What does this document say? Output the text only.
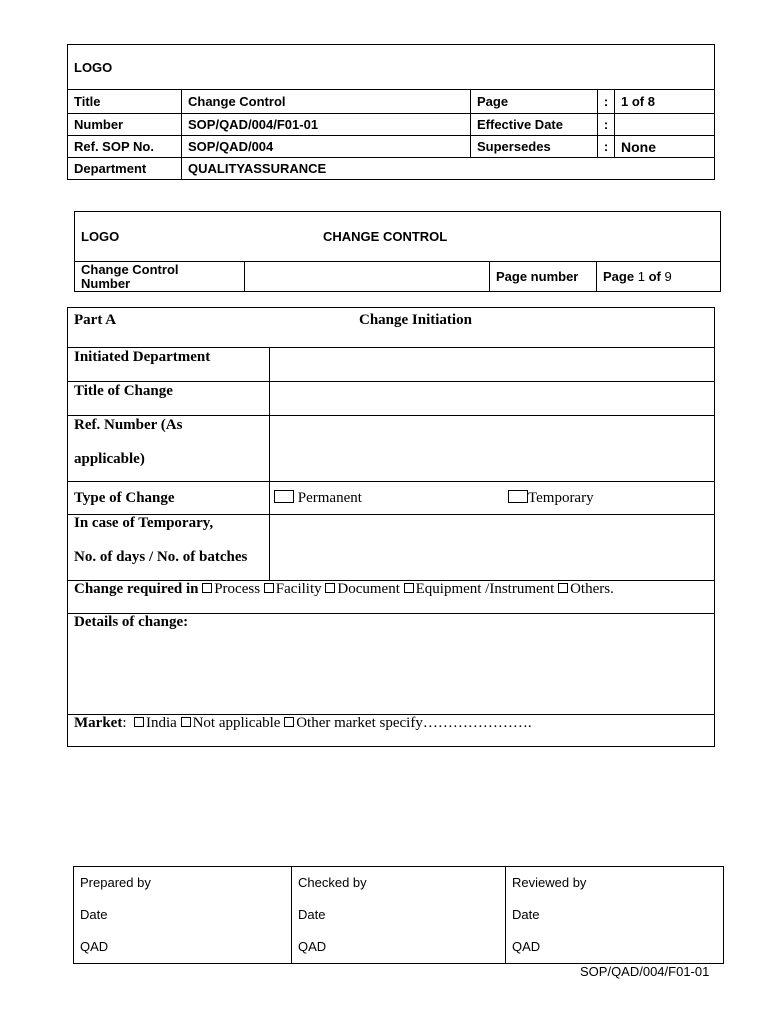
LOGO				
Title	Change Control	Page	:	1 of 8
Number	SOP/QAD/004/F01-01	Effective Date	:	
Ref. SOP No.	SOP/QAD/004	Supersedes	:	None
Department	QUALITYASSURANCE			
LOGO	CHANGE CONTROL

Change Control
Number		Page number	Page 1 of 9
Part A Change Initiation	

Initiated Department	
Title of Change	

Ref. Number (As
applicable)	

Type of Change	Permanent Temporary

In case of Temporary,
No. of days / No. of batches	

Change required in Process Facility Document Equipment /Instrument Others.	
Details of change:	
Market: India Not applicable Other market specify………………….	
Prepared by
Date
QAD

Checked by
Date
QAD

Reviewed by
Date
QAD
SOP/QAD/004/F01-01
